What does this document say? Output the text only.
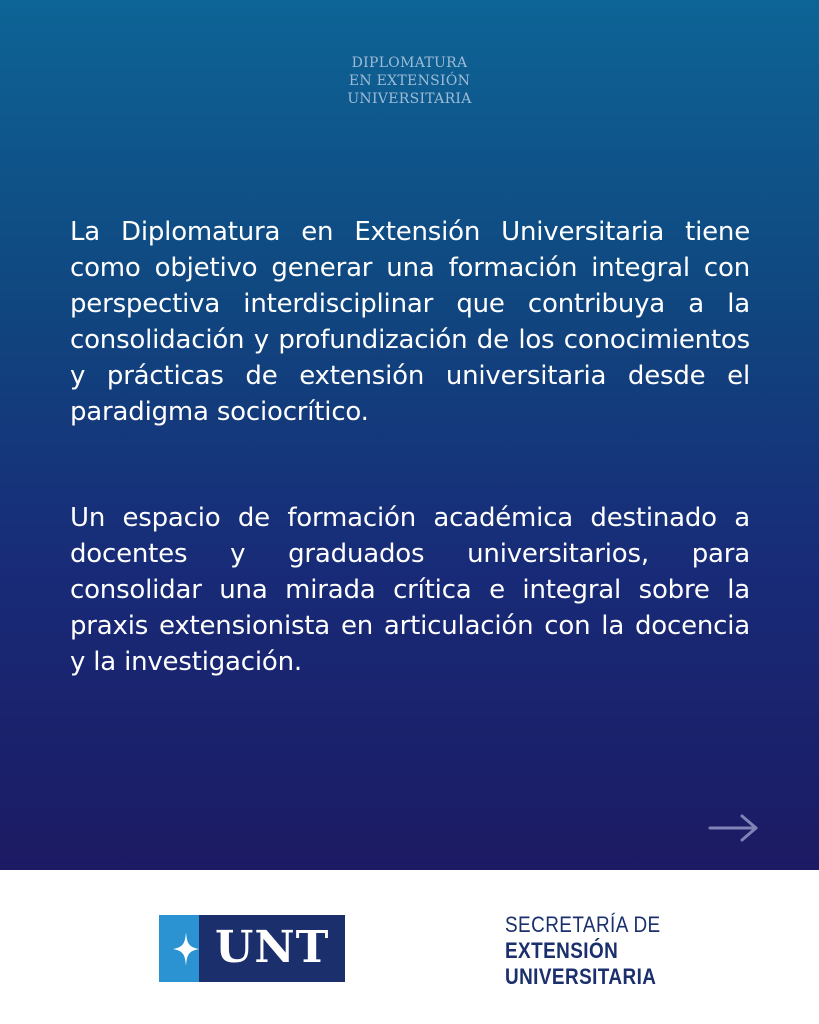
DIPLOMATURA
EN EXTENSIÓN
UNIVERSITARIA

La Diplomatura en Extensión Universitaria tiene como objetivo generar una formación integral con perspectiva interdisciplinar que contribuya a la consolidación y profundización de los conocimientos y prácticas de extensión universitaria desde el paradigma sociocrítico.

Un espacio de formación académica destinado a docentes y graduados universitarios, para consolidar una mirada crítica e integral sobre la praxis extensionista en articulación con la docencia y la investigación.

UNT	SECRETARÍA DE
EXTENSIÓN
UNIVERSITARIA
